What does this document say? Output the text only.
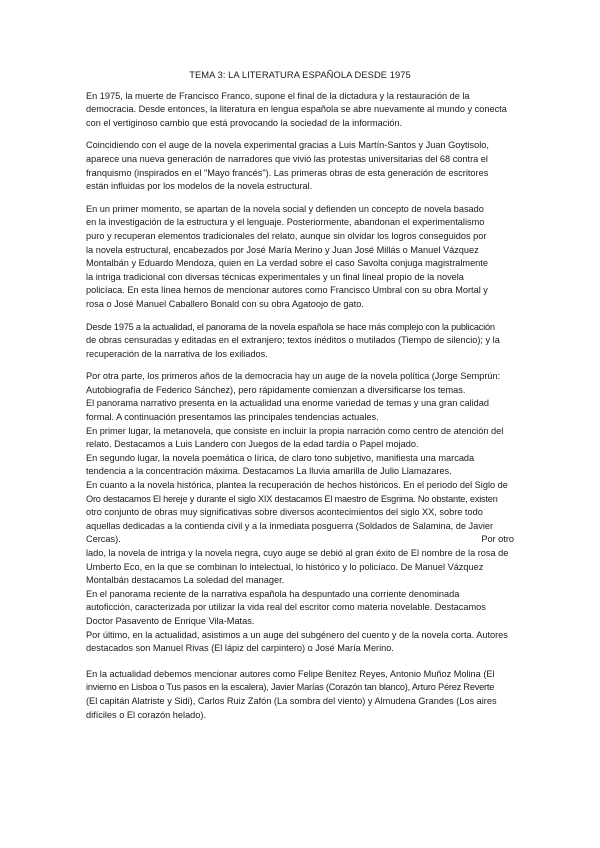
TEMA 3: LA LITERATURA ESPAÑOLA DESDE 1975
En 1975, la muerte de Francisco Franco, supone el final de la dictadura y la restauración de la
democracia. Desde entonces, la literatura en lengua española se abre nuevamente al mundo y conecta
con el vertiginoso cambio que está provocando la sociedad de la información.
Coincidiendo con el auge de la novela experimental gracias a Luis Martín-Santos y Juan Goytisolo,
aparece una nueva generación de narradores que vivió las protestas universitarias del 68 contra el
franquismo (inspirados en el "Mayo francés"). Las primeras obras de esta generación de escritores
están influidas por los modelos de la novela estructural.
En un primer momento, se apartan de la novela social y defienden un concepto de novela basado
en la investigación de la estructura y el lenguaje. Posteriormente, abandonan el experimentalismo
puro y recuperan elementos tradicionales del relato, aunque sin olvidar los logros conseguidos por
la novela estructural, encabezados por José María Merino y Juan José Millás o Manuel Vázquez
Montalbán y Eduardo Mendoza, quien en La verdad sobre el caso Savolta conjuga magistralmente
la intriga tradicional con diversas técnicas experimentales y un final lineal propio de la novela
policíaca. En esta línea hemos de mencionar autores como Francisco Umbral con su obra Mortal y
rosa o José Manuel Caballero Bonald con su obra Agatoojo de gato.
Desde 1975 a la actualidad, el panorama de la novela española se hace más complejo con la publicación
de obras censuradas y editadas en el extranjero; textos inéditos o mutilados (Tiempo de silencio); y la
recuperación de la narrativa de los exiliados.
Por otra parte, los primeros años de la democracia hay un auge de la novela política (Jorge Semprún:
Autobiografía de Federico Sánchez), pero rápidamente comienzan a diversificarse los temas.
El panorama narrativo presenta en la actualidad una enorme variedad de temas y una gran calidad
formal. A continuación presentamos las principales tendencias actuales.
En primer lugar, la metanovela, que consiste en incluir la propia narración como centro de atención del
relato. Destacamos a Luis Landero con Juegos de la edad tardía o Papel mojado.
En segundo lugar, la novela poemática o lírica, de claro tono subjetivo, manifiesta una marcada
tendencia a la concentración máxima. Destacamos La lluvia amarilla de Julio Llamazares.
En cuanto a la novela histórica, plantea la recuperación de hechos históricos. En el periodo del Siglo de
Oro destacamos El hereje y durante el siglo XIX destacamos El maestro de Esgrima. No obstante, existen
otro conjunto de obras muy significativas sobre diversos acontecimientos del siglo XX, sobre todo
aquellas dedicadas a la contienda civil y a la inmediata posguerra (Soldados de Salamina, de Javier
Cercas).	Por otro
lado, la novela de intriga y la novela negra, cuyo auge se debió al gran éxito de El nombre de la rosa de
Umberto Eco, en la que se combinan lo intelectual, lo histórico y lo policíaco. De Manuel Vázquez
Montalbán destacamos La soledad del manager.
En el panorama reciente de la narrativa española ha despuntado una corriente denominada
autoficción, caracterizada por utilizar la vida real del escritor como materia novelable. Destacamos
Doctor Pasavento de Enrique Vila-Matas.
Por último, en la actualidad, asistimos a un auge del subgénero del cuento y de la novela corta. Autores
destacados son Manuel Rivas (El lápiz del carpintero) o José María Merino.
En la actualidad debemos mencionar autores como Felipe Benítez Reyes, Antonio Muñoz Molina (El
invierno en Lisboa o Tus pasos en la escalera), Javier Marías (Corazón tan blanco), Arturo Pérez Reverte
(El capitán Alatriste y Sidi), Carlos Ruiz Zafón (La sombra del viento) y Almudena Grandes (Los aires
difíciles o El corazón helado).
